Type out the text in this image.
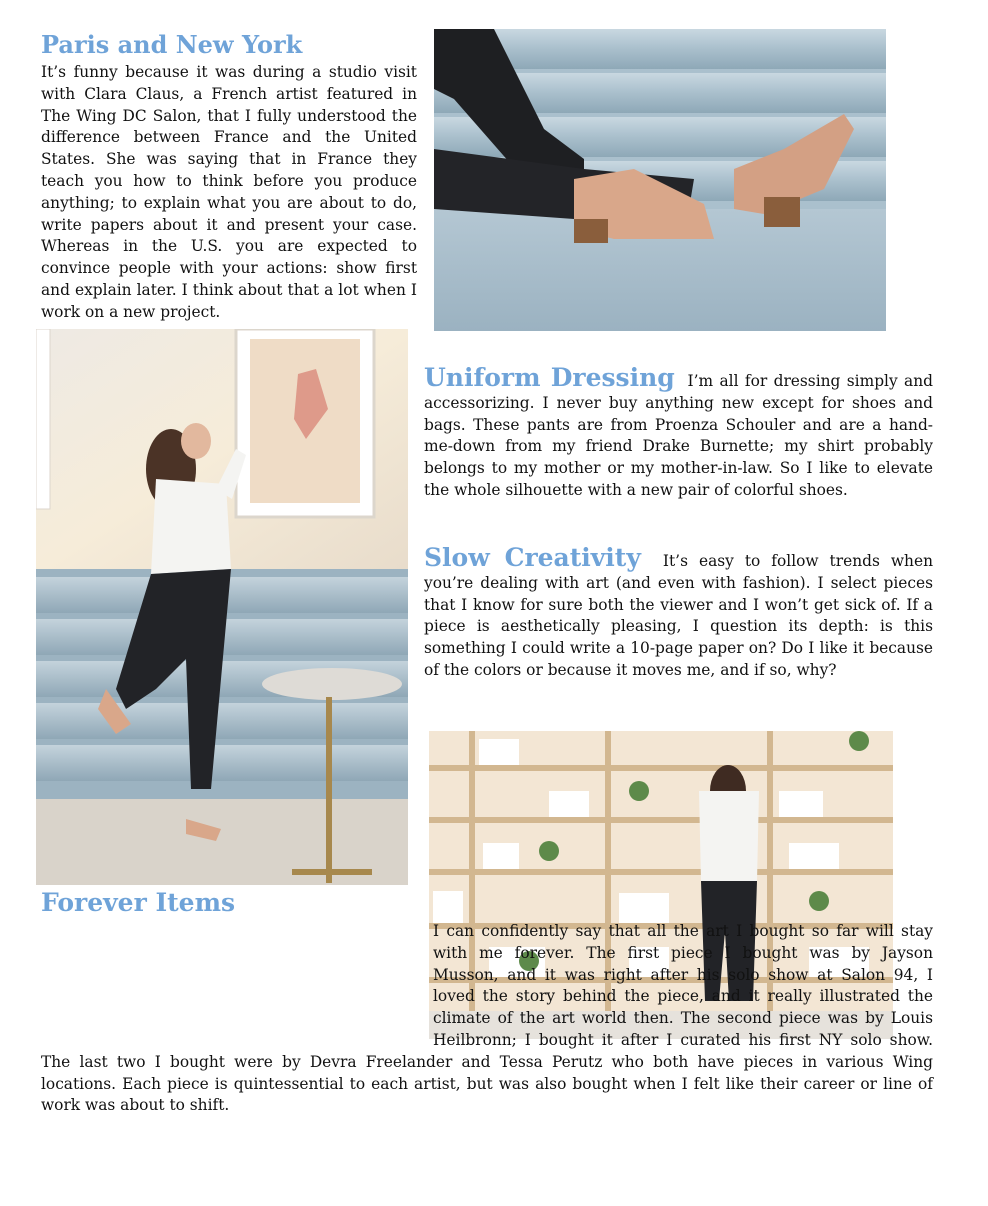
Paris and New York

It’s funny because it was during a studio visit with Clara Claus, a French artist featured in The Wing DC Salon, that I fully understood the difference between France and the United States. She was saying that in France they teach you how to think before you produce anything; to explain what you are about to do, write papers about it and present your case. Whereas in the U.S. you are expected to convince people with your actions: show first and explain later. I think about that a lot when I work on a new project.

Uniform Dressing I’m all for dressing simply and accessorizing. I never buy anything new except for shoes and bags. These pants are from Proenza Schouler and are a hand-me-down from my friend Drake Burnette; my shirt probably belongs to my mother or my mother-in-law. So I like to elevate the whole silhouette with a new pair of colorful shoes.
Slow Creativity It’s easy to follow trends when you’re dealing with art (and even with fashion). I select pieces that I know for sure both the viewer and I won’t get sick of. If a piece is aesthetically pleasing, I question its depth: is this something I could write a 10-page paper on? Do I like it because of the colors or because it moves me, and if so, why?
Forever Items
I can confidently say that all the art I bought so far will stay with me forever. The first piece I bought was by Jayson Musson, and it was right after his solo show at Salon 94, I loved the story behind the piece, and it really illustrated the climate of the art world then. The second piece was by Louis Heilbronn; I bought it after I curated his first NY solo show. The last two I bought were by Devra Freelander and Tessa Perutz who both have pieces in various Wing locations. Each piece is quintessential to each artist, but was also bought when I felt like their career or line of work was about to shift.
